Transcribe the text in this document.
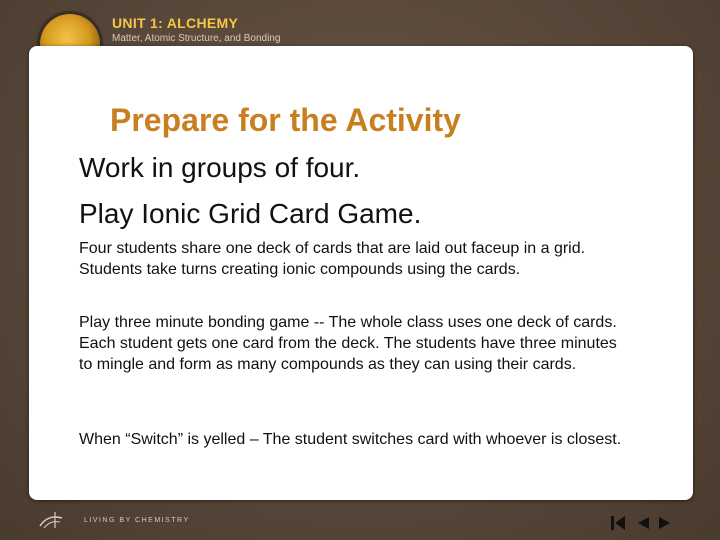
UNIT 1: ALCHEMY
Matter, Atomic Structure, and Bonding
Prepare for the Activity
Work in groups of four.
Play Ionic Grid Card Game.
Four students share one deck of cards that are laid out faceup in a grid. Students take turns creating ionic compounds using the cards.
Play three minute bonding game -- The whole class uses one deck of cards. Each student gets one card from the deck. The students have three minutes to mingle and form as many compounds as they can using their cards.
When “Switch” is yelled – The student switches card with whoever is closest.
LIVING BY CHEMISTRY
